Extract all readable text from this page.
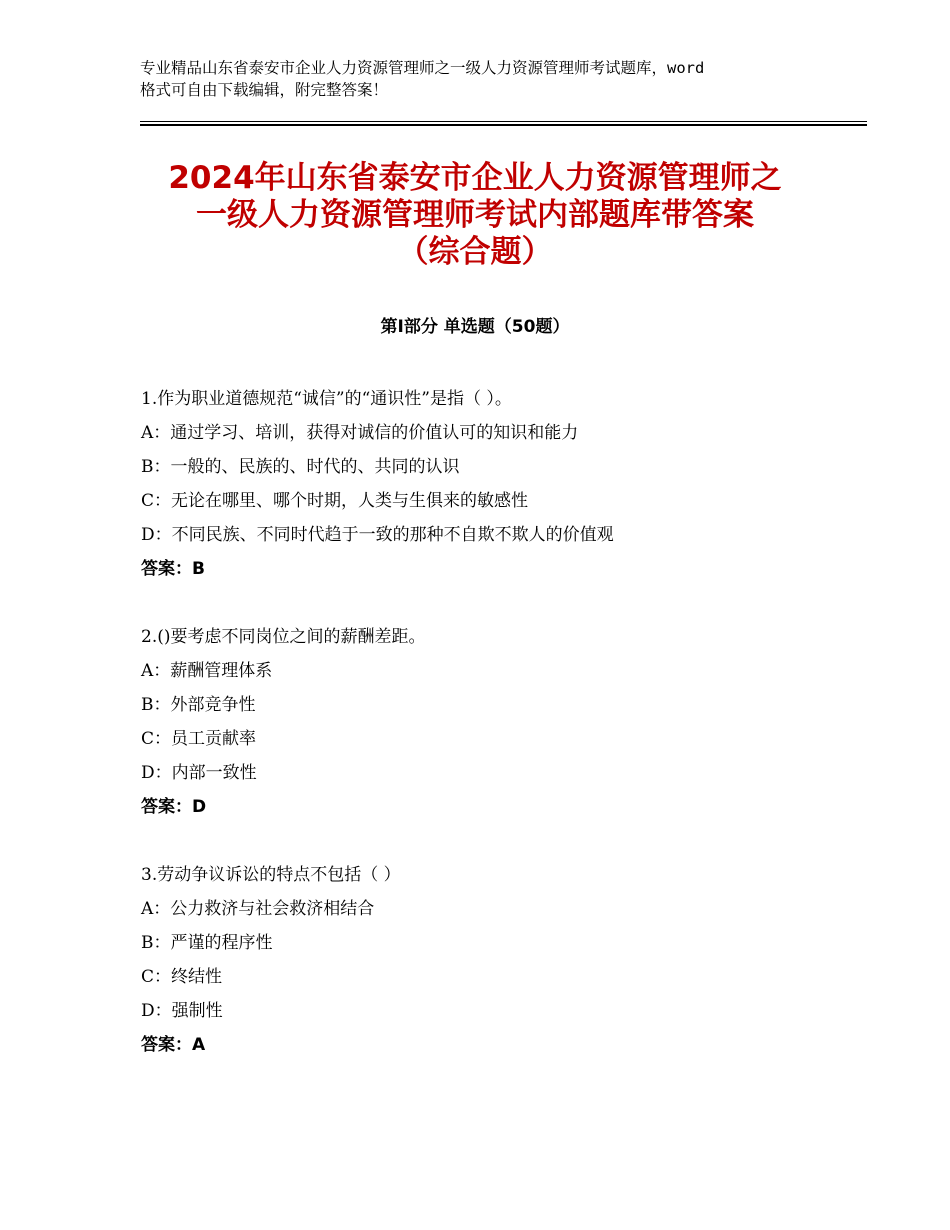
专业精品山东省泰安市企业人力资源管理师之一级人力资源管理师考试题库，word
格式可自由下载编辑，附完整答案！
2024年山东省泰安市企业人力资源管理师之
一级人力资源管理师考试内部题库带答案
（综合题）
第Ⅰ部分 单选题（50题）
1.作为职业道德规范“诚信”的“通识性”是指（ ）。
A：通过学习、培训，获得对诚信的价值认可的知识和能力
B：一般的、民族的、时代的、共同的认识
C：无论在哪里、哪个时期，人类与生俱来的敏感性
D：不同民族、不同时代趋于一致的那种不自欺不欺人的价值观
答案：B
2.()要考虑不同岗位之间的薪酬差距。
A：薪酬管理体系
B：外部竞争性
C：员工贡献率
D：内部一致性
答案：D
3.劳动争议诉讼的特点不包括（ ）
A：公力救济与社会救济相结合
B：严谨的程序性
C：终结性
D：强制性
答案：A
